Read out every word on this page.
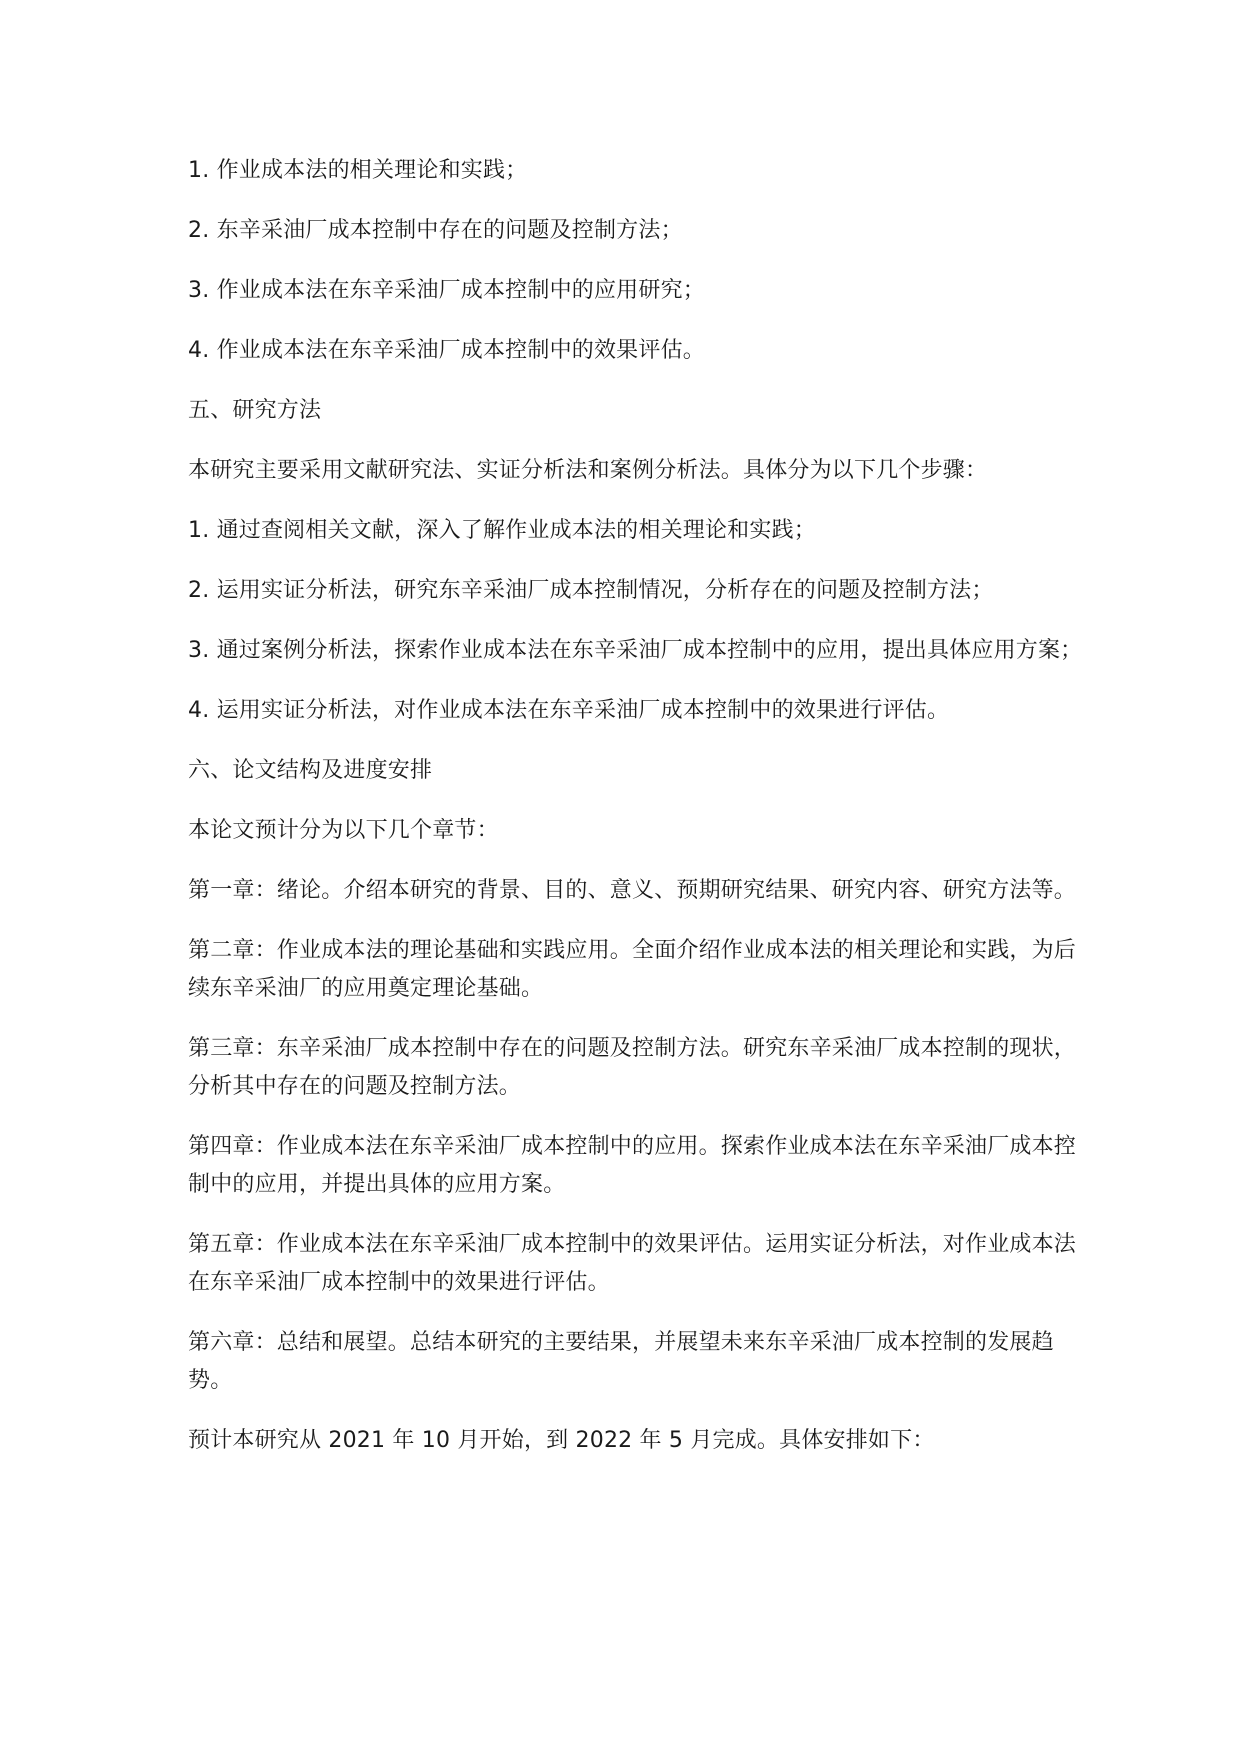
1. 作业成本法的相关理论和实践；

2. 东辛采油厂成本控制中存在的问题及控制方法；

3. 作业成本法在东辛采油厂成本控制中的应用研究；

4. 作业成本法在东辛采油厂成本控制中的效果评估。

五、研究方法

本研究主要采用文献研究法、实证分析法和案例分析法。具体分为以下几个步骤：

1. 通过查阅相关文献，深入了解作业成本法的相关理论和实践；

2. 运用实证分析法，研究东辛采油厂成本控制情况，分析存在的问题及控制方法；

3. 通过案例分析法，探索作业成本法在东辛采油厂成本控制中的应用，提出具体应用方案；

4. 运用实证分析法，对作业成本法在东辛采油厂成本控制中的效果进行评估。

六、论文结构及进度安排

本论文预计分为以下几个章节：

第一章：绪论。介绍本研究的背景、目的、意义、预期研究结果、研究内容、研究方法等。

第二章：作业成本法的理论基础和实践应用。全面介绍作业成本法的相关理论和实践，为后续东辛采油厂的应用奠定理论基础。

第三章：东辛采油厂成本控制中存在的问题及控制方法。研究东辛采油厂成本控制的现状，分析其中存在的问题及控制方法。

第四章：作业成本法在东辛采油厂成本控制中的应用。探索作业成本法在东辛采油厂成本控制中的应用，并提出具体的应用方案。

第五章：作业成本法在东辛采油厂成本控制中的效果评估。运用实证分析法，对作业成本法在东辛采油厂成本控制中的效果进行评估。

第六章：总结和展望。总结本研究的主要结果，并展望未来东辛采油厂成本控制的发展趋势。

预计本研究从 2021 年 10 月开始，到 2022 年 5 月完成。具体安排如下：
